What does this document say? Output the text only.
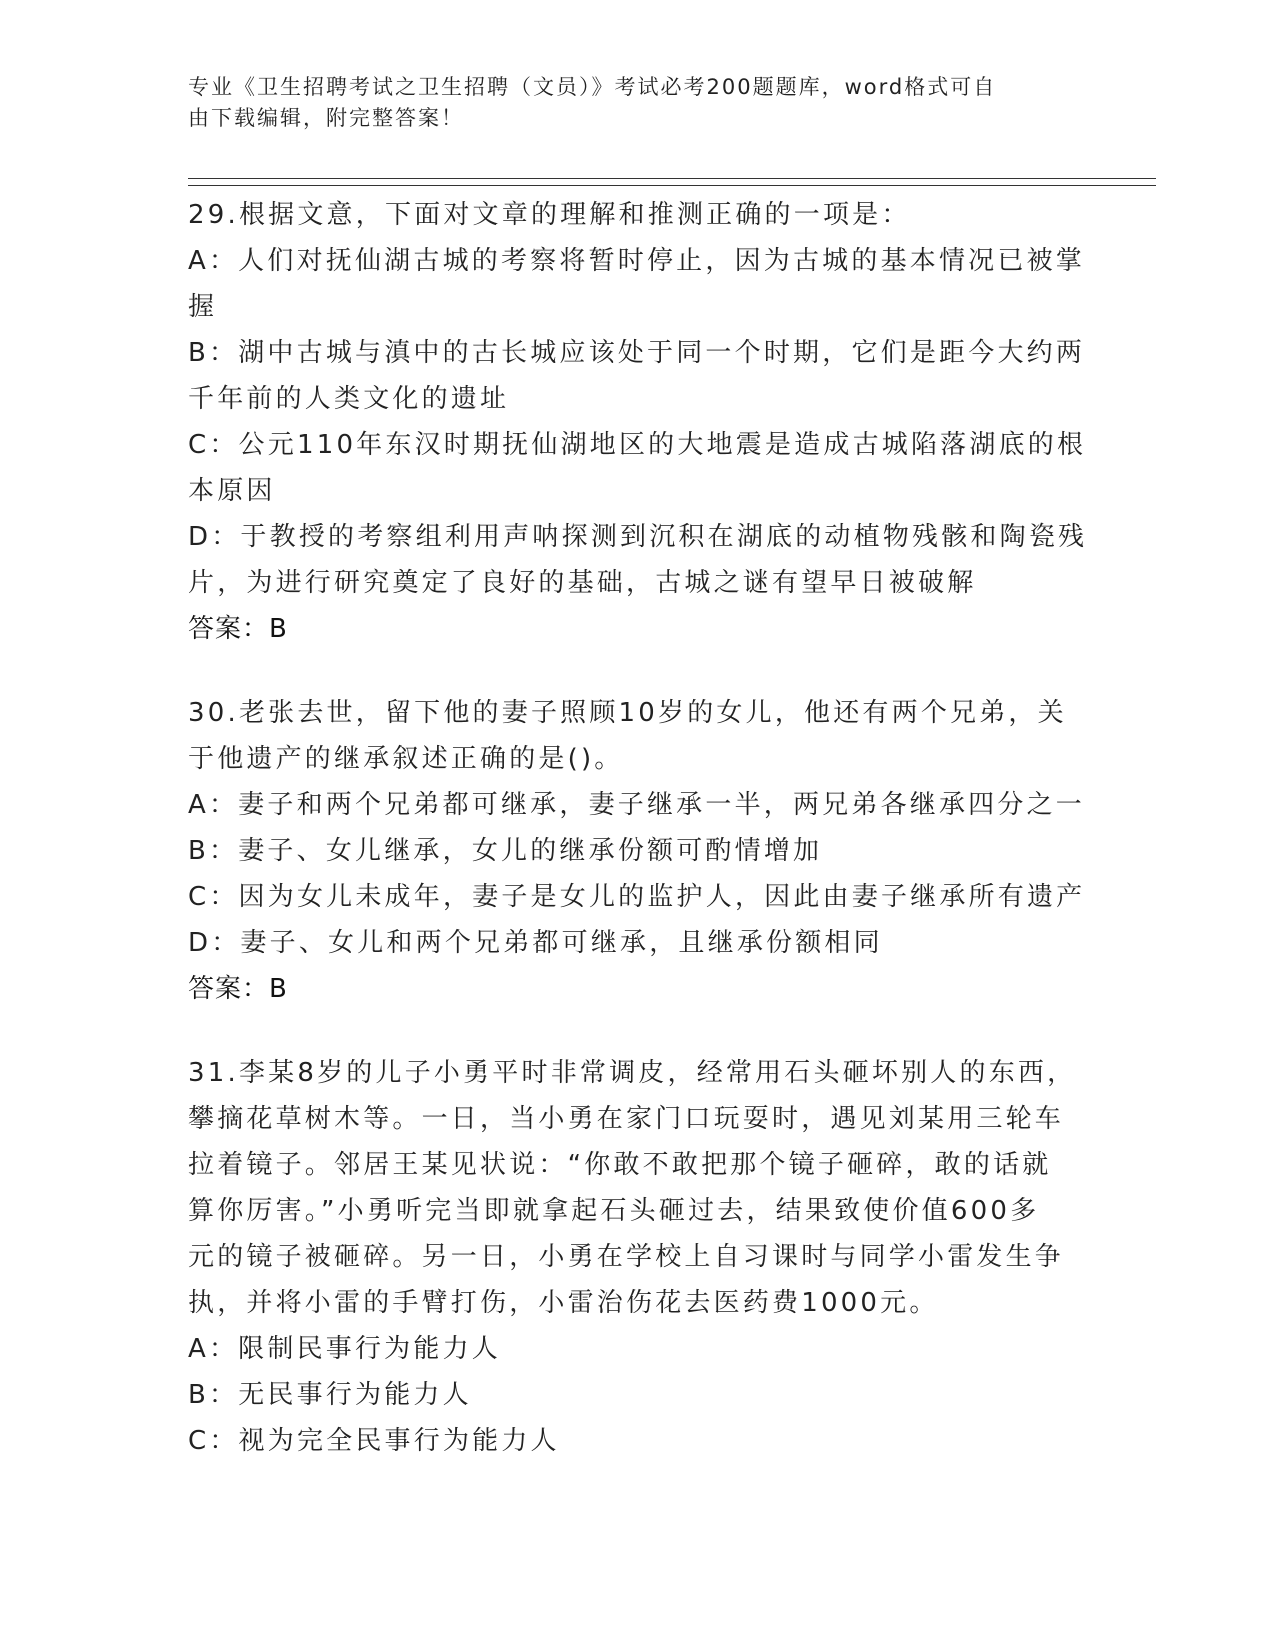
专业《卫生招聘考试之卫生招聘（文员）》考试必考200题题库，word格式可自
由下载编辑，附完整答案！

29.根据文意，下面对文章的理解和推测正确的一项是：

A：人们对抚仙湖古城的考察将暂时停止，因为古城的基本情况已被掌

握

B：湖中古城与滇中的古长城应该处于同一个时期，它们是距今大约两

千年前的人类文化的遗址

C：公元110年东汉时期抚仙湖地区的大地震是造成古城陷落湖底的根

本原因

D：于教授的考察组利用声呐探测到沉积在湖底的动植物残骸和陶瓷残

片，为进行研究奠定了良好的基础，古城之谜有望早日被破解

答案：B

30.老张去世，留下他的妻子照顾10岁的女儿，他还有两个兄弟，关

于他遗产的继承叙述正确的是()。

A：妻子和两个兄弟都可继承，妻子继承一半，两兄弟各继承四分之一

B：妻子、女儿继承，女儿的继承份额可酌情增加

C：因为女儿未成年，妻子是女儿的监护人，因此由妻子继承所有遗产

D：妻子、女儿和两个兄弟都可继承，且继承份额相同

答案：B

31.李某8岁的儿子小勇平时非常调皮，经常用石头砸坏别人的东西，

攀摘花草树木等。一日，当小勇在家门口玩耍时，遇见刘某用三轮车

拉着镜子。邻居王某见状说：“你敢不敢把那个镜子砸碎，敢的话就

算你厉害。”小勇听完当即就拿起石头砸过去，结果致使价值600多

元的镜子被砸碎。另一日，小勇在学校上自习课时与同学小雷发生争

执，并将小雷的手臂打伤，小雷治伤花去医药费1000元。

A：限制民事行为能力人

B：无民事行为能力人

C：视为完全民事行为能力人
